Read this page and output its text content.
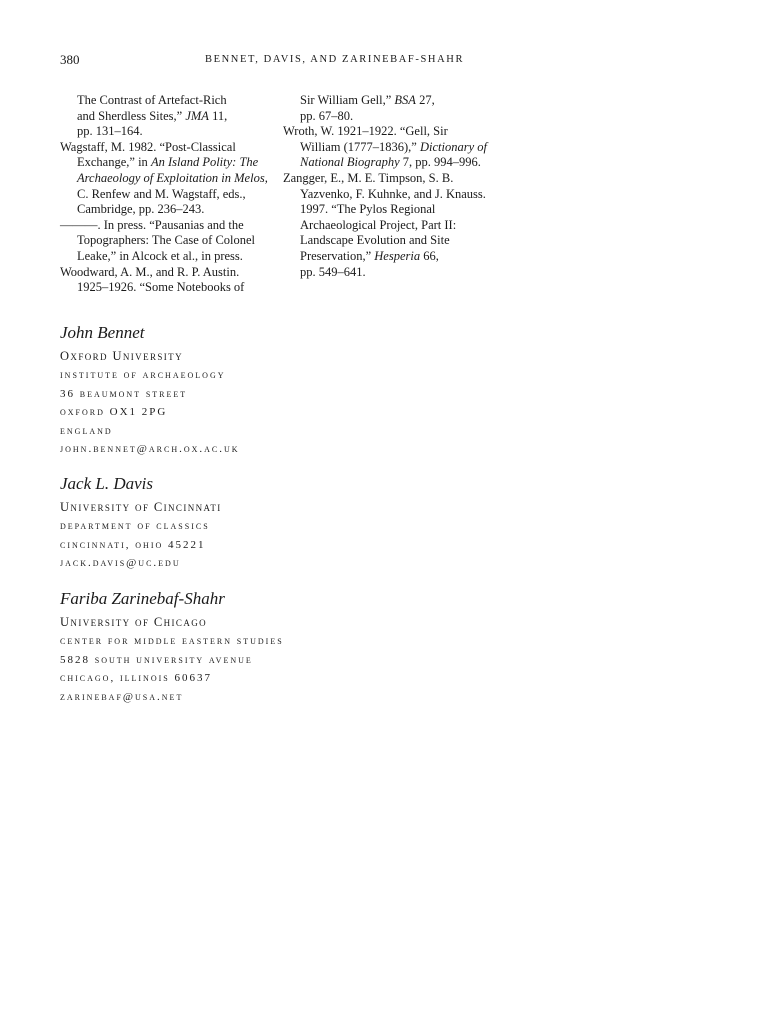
380	BENNET, DAVIS, AND ZARINEBAF-SHAHR
The Contrast of Artefact-Rich
and Sherdless Sites,” JMA 11,
pp. 131–164.
Wagstaff, M. 1982. “Post-Classical
Exchange,” in An Island Polity: The
Archaeology of Exploitation in Melos,
C. Renfew and M. Wagstaff, eds.,
Cambridge, pp. 236–243.
———. In press. “Pausanias and the
Topographers: The Case of Colonel
Leake,” in Alcock et al., in press.
Woodward, A. M., and R. P. Austin.
1925–1926. “Some Notebooks of
Sir William Gell,” BSA 27,
pp. 67–80.
Wroth, W. 1921–1922. “Gell, Sir
William (1777–1836),” Dictionary of
National Biography 7, pp. 994–996.
Zangger, E., M. E. Timpson, S. B.
Yazvenko, F. Kuhnke, and J. Knauss.
1997. “The Pylos Regional
Archaeological Project, Part II:
Landscape Evolution and Site
Preservation,” Hesperia 66,
pp. 549–641.
John Bennet
Oxford University
institute of archaeology
36 beaumont street
oxford OX1 2PG
england
john.bennet@arch.ox.ac.uk
Jack L. Davis
University of Cincinnati
department of classics
cincinnati, ohio 45221
jack.davis@uc.edu
Fariba Zarinebaf-Shahr
University of Chicago
center for middle eastern studies
5828 south university avenue
chicago, illinois 60637
zarinebaf@usa.net
